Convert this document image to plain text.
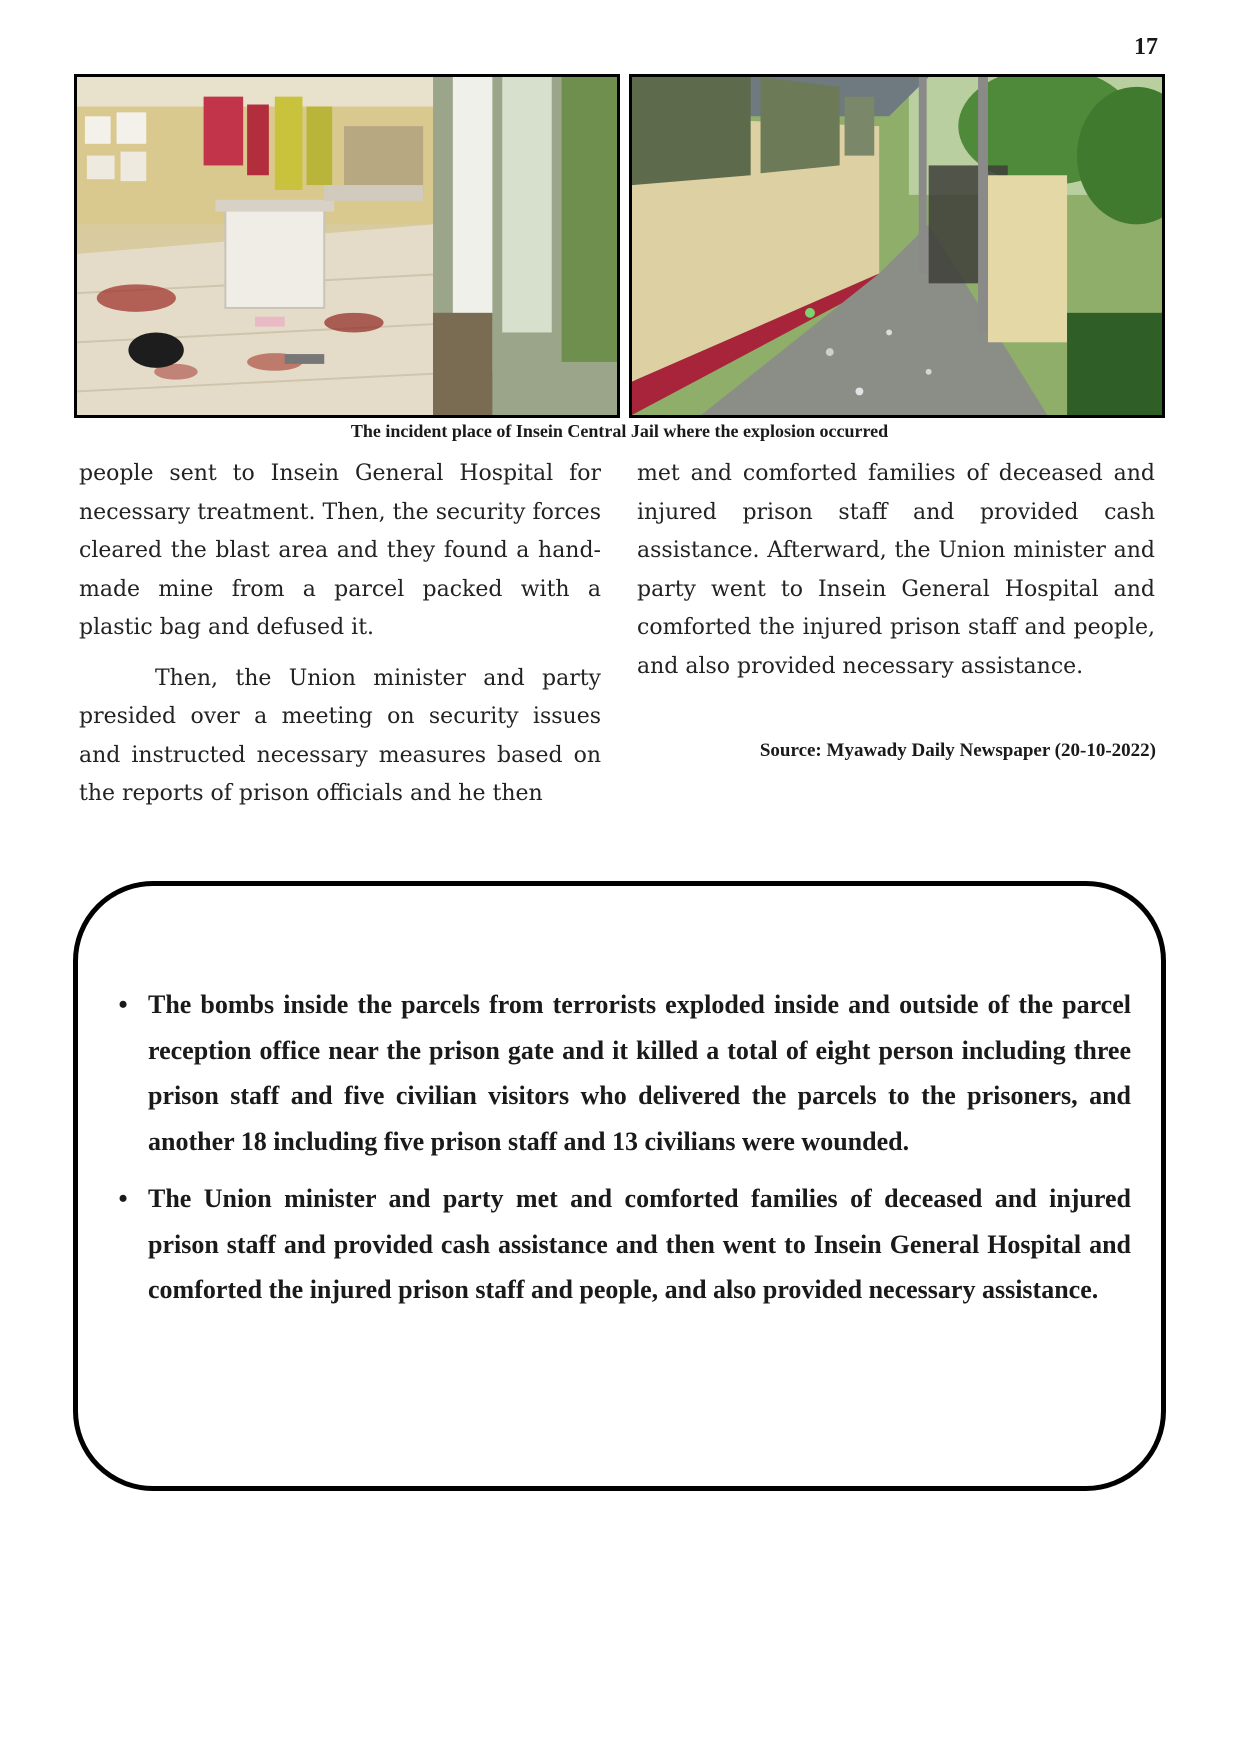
17
The incident place of Insein Central Jail where the explosion occurred

people sent to Insein General Hospital for necessary treatment. Then, the security forces cleared the blast area and they found a hand-made mine from a parcel packed with a plastic bag and defused it.

Then, the Union minister and party presided over a meeting on security issues and instructed necessary measures based on the reports of prison officials and he then

met and comforted families of deceased and injured prison staff and provided cash assistance. Afterward, the Union minister and party went to Insein General Hospital and comforted the injured prison staff and people, and also provided necessary assistance.

Source: Myawady Daily Newspaper (20-10-2022)
• The bombs inside the parcels from terrorists exploded inside and outside of the parcel reception office near the prison gate and it killed a total of eight person including three prison staff and five civilian visitors who delivered the parcels to the prisoners, and another 18 including five prison staff and 13 civilians were wounded.
• The Union minister and party met and comforted families of deceased and injured prison staff and provided cash assistance and then went to Insein General Hospital and comforted the injured prison staff and people, and also provided necessary assistance.
